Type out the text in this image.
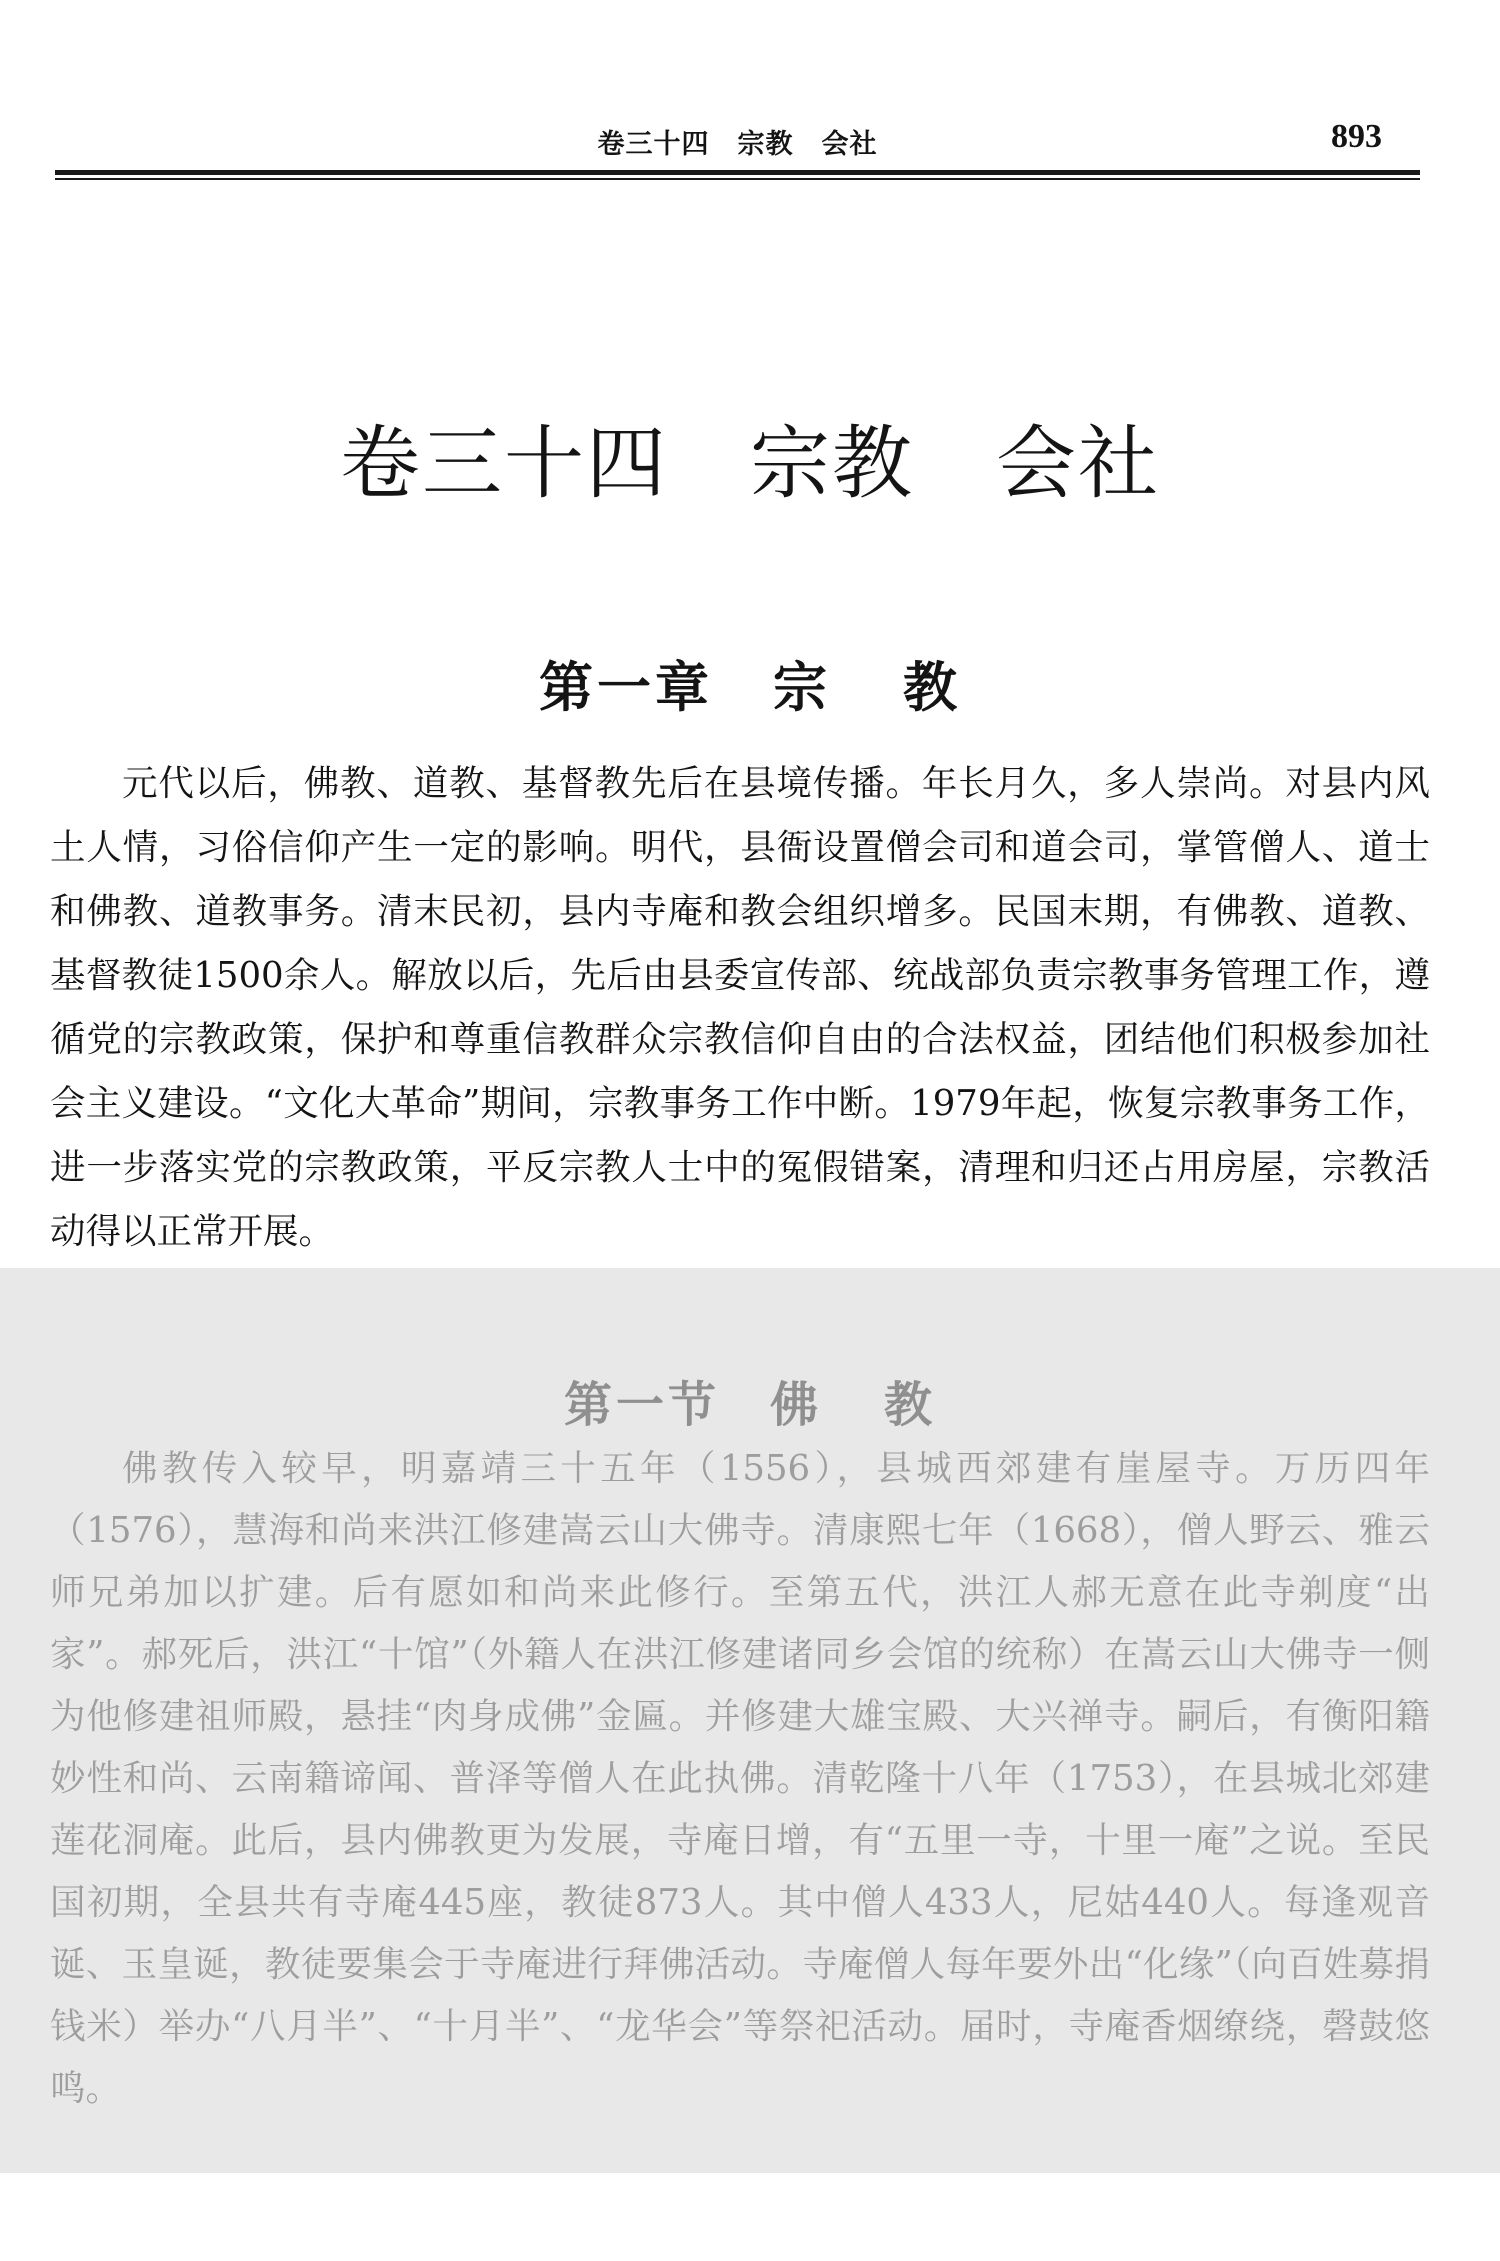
卷三十四　宗教　会社	893
卷三十四　宗教　会社
第一章 宗 教

元代以后，佛教、道教、基督教先后在县境传播。年长月久，多人崇尚。对县内风土人情，习俗信仰产生一定的影响。明代，县衙设置僧会司和道会司，掌管僧人、道士和佛教、道教事务。清末民初，县内寺庵和教会组织增多。民国末期，有佛教、道教、基督教徒1500余人。解放以后，先后由县委宣传部、统战部负责宗教事务管理工作，遵循党的宗教政策，保护和尊重信教群众宗教信仰自由的合法权益，团结他们积极参加社会主义建设。“文化大革命”期间，宗教事务工作中断。1979年起，恢复宗教事务工作，进一步落实党的宗教政策，平反宗教人士中的冤假错案，清理和归还占用房屋，宗教活动得以正常开展。

第一节 佛 教

佛教传入较早，明嘉靖三十五年（1556），县城西郊建有崖屋寺。万历四年（1576），慧海和尚来洪江修建嵩云山大佛寺。清康熙七年（1668），僧人野云、雅云师兄弟加以扩建。后有愿如和尚来此修行。至第五代，洪江人郝无意在此寺剃度“出家”。郝死后，洪江“十馆”（外籍人在洪江修建诸同乡会馆的统称）在嵩云山大佛寺一侧为他修建祖师殿，悬挂“肉身成佛”金匾。并修建大雄宝殿、大兴禅寺。嗣后，有衡阳籍妙性和尚、云南籍谛闻、普泽等僧人在此执佛。清乾隆十八年（1753），在县城北郊建莲花洞庵。此后，县内佛教更为发展，寺庵日增，有“五里一寺，十里一庵”之说。至民国初期，全县共有寺庵445座，教徒873人。其中僧人433人，尼姑440人。每逢观音诞、玉皇诞，教徒要集会于寺庵进行拜佛活动。寺庵僧人每年要外出“化缘”（向百姓募捐钱米）举办“八月半”、“十月半”、“龙华会”等祭祀活动。届时，寺庵香烟缭绕，磬鼓悠鸣。
